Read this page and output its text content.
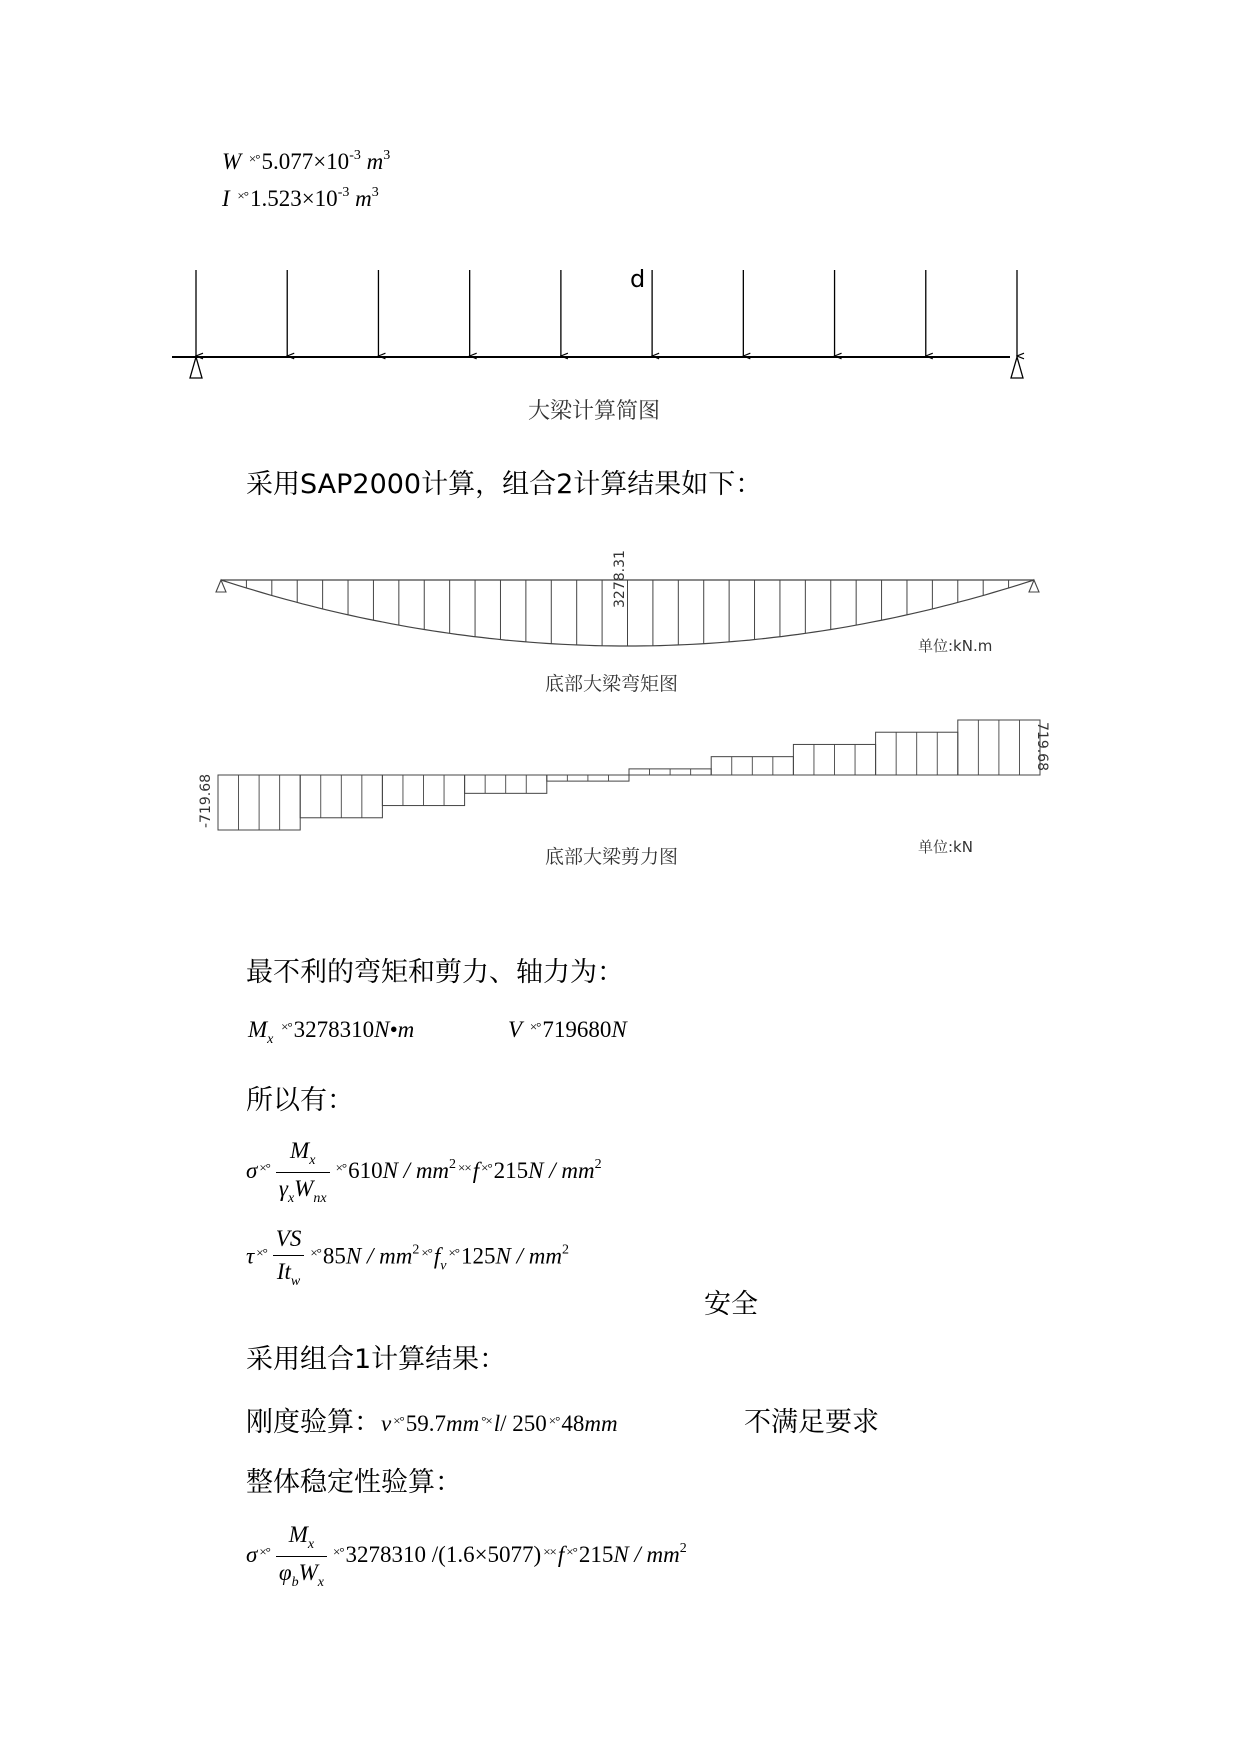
W $^{\times^\circ}5.077\times 10^{-3}$ $m^3$
I $^{\times^\circ}1.523\times 10^{-3}$ $m^3$
q
大梁计算简图
采用SAP2000计算，组合2计算结果如下：
3278.31
单位:kN.m
底部大梁弯矩图
-719.68
719.68
单位:kN
底部大梁剪力图
最不利的弯矩和剪力、轴力为：
$M_x$ ×°3278310N•m	V ×°719680N
所以有：
σ $^{\times^\circ} \frac{M_x}{\gamma_xW_{nx}} ^{\times^\circ}610N / mm^2$ ××f $^{\times^\circ}215N / mm^2$
τ $^{\times^\circ} \frac{VS}{It_w} ^{\times^\circ}85N / mm^2$ $^{\times^\circ}f_v^{\times^\circ}125N / mm^2$
安全
采用组合1计算结果：
刚度验算：v ×°59.7mm °×l/ 250 ×°48mm	不满足要求
整体稳定性验算：
σ $^{\times^\circ} \frac{M_x}{\varphi_bW_x} ^{\times^\circ}3278310$ /(1.6×5077) ××f $^{\times^\circ}215N / mm^2$
